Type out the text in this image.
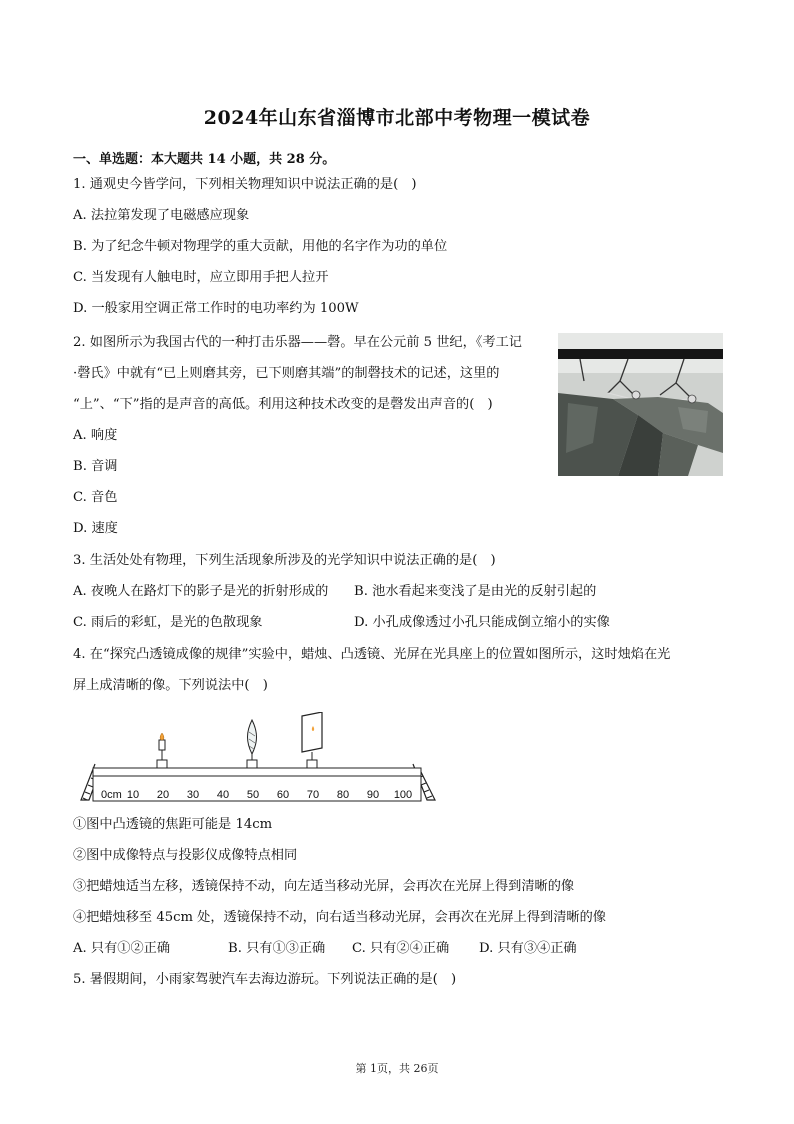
2024年山东省淄博市北部中考物理一模试卷
一、单选题：本大题共 14 小题，共 28 分。
1. 通观史今皆学问，下列相关物理知识中说法正确的是(　)
A. 法拉第发现了电磁感应现象
B. 为了纪念牛顿对物理学的重大贡献，用他的名字作为功的单位
C. 当发现有人触电时，应立即用手把人拉开
D. 一般家用空调正常工作时的电功率约为 100W
2. 如图所示为我国古代的一种打击乐器——磬。早在公元前 5 世纪，《考工记
·磬氏》中就有“已上则磨其旁，已下则磨其端”的制磬技术的记述，这里的
“上”、“下”指的是声音的高低。利用这种技术改变的是磬发出声音的(　)
A. 响度
B. 音调
C. 音色
D. 速度
3. 生活处处有物理，下列生活现象所涉及的光学知识中说法正确的是(　)
A. 夜晚人在路灯下的影子是光的折射形成的 B. 池水看起来变浅了是由光的反射引起的
C. 雨后的彩虹，是光的色散现象	D. 小孔成像透过小孔只能成倒立缩小的实像
4. 在“探究凸透镜成像的规律”实验中，蜡烛、凸透镜、光屏在光具座上的位置如图所示，这时烛焰在光
屏上成清晰的像。下列说法中(　)
0cm 10 20 30 40 50 60 70 80 90 100
①图中凸透镜的焦距可能是 14cm
②图中成像特点与投影仪成像特点相同
③把蜡烛适当左移，透镜保持不动，向左适当移动光屏，会再次在光屏上得到清晰的像
④把蜡烛移至 45cm 处，透镜保持不动，向右适当移动光屏，会再次在光屏上得到清晰的像
A. 只有①②正确	B. 只有①③正确 C. 只有②④正确 D. 只有③④正确
5. 暑假期间，小雨家驾驶汽车去海边游玩。下列说法正确的是(　)
第 1页，共 26页
